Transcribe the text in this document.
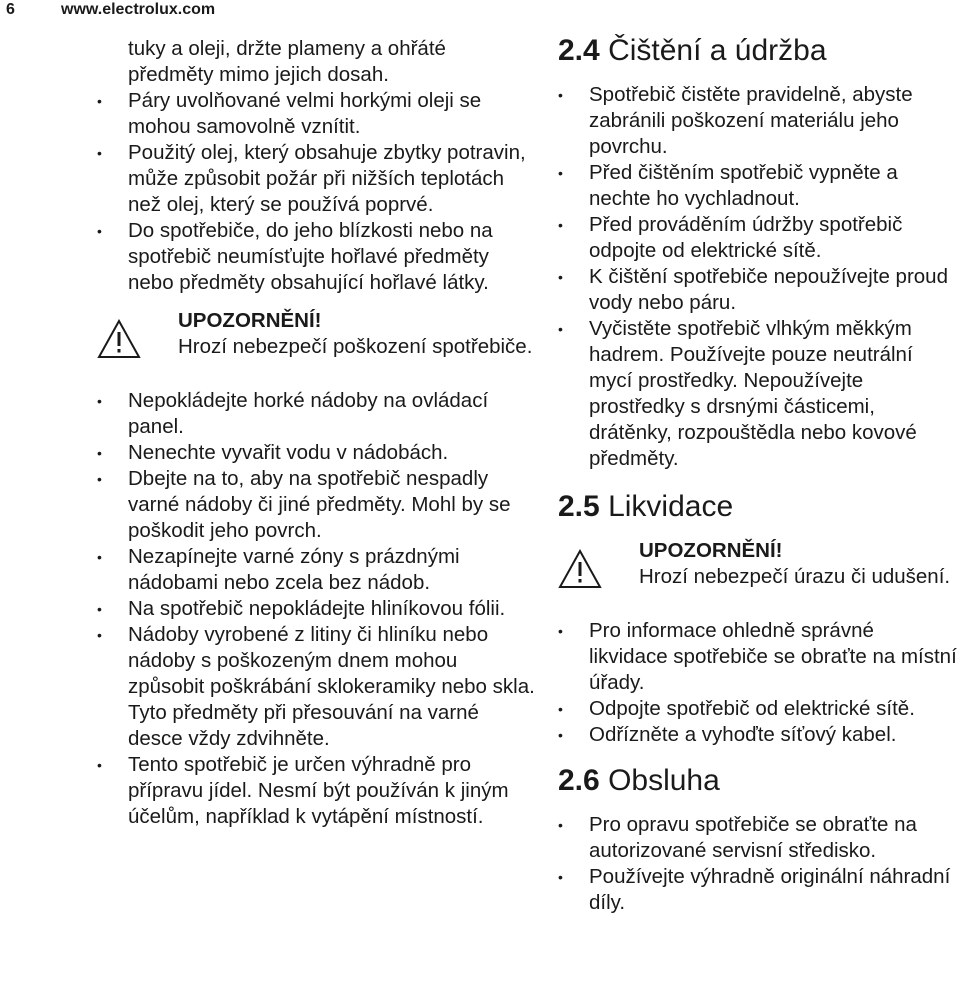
6	www.electrolux.com

tuky a oleji, držte plameny a ohřáté předměty mimo jejich dosah.

• Páry uvolňované velmi horkými oleji se mohou samovolně vznítit.
• Použitý olej, který obsahuje zbytky potravin, může způsobit požár při nižších teplotách než olej, který se používá poprvé.
• Do spotřebiče, do jeho blízkosti nebo na spotřebič neumísťujte hořlavé předměty nebo předměty obsahující hořlavé látky.
UPOZORNĚNÍ!
Hrozí nebezpečí poškození spotřebiče.
• Nepokládejte horké nádoby na ovládací panel.
• Nenechte vyvařit vodu v nádobách.
• Dbejte na to, aby na spotřebič nespadly varné nádoby či jiné předměty. Mohl by se poškodit jeho povrch.
• Nezapínejte varné zóny s prázdnými nádobami nebo zcela bez nádob.
• Na spotřebič nepokládejte hliníkovou fólii.
• Nádoby vyrobené z litiny či hliníku nebo nádoby s poškozeným dnem mohou způsobit poškrábání sklokeramiky nebo skla. Tyto předměty při přesouvání na varné desce vždy zdvihněte.
• Tento spotřebič je určen výhradně pro přípravu jídel. Nesmí být používán k jiným účelům, například k vytápění místností.
2.4 Čištění a údržba
• Spotřebič čistěte pravidelně, abyste zabránili poškození materiálu jeho povrchu.
• Před čištěním spotřebič vypněte a nechte ho vychladnout.
• Před prováděním údržby spotřebič odpojte od elektrické sítě.
• K čištění spotřebiče nepoužívejte proud vody nebo páru.
• Vyčistěte spotřebič vlhkým měkkým hadrem. Používejte pouze neutrální mycí prostředky. Nepoužívejte prostředky s drsnými částicemi, drátěnky, rozpouštědla nebo kovové předměty.
2.5 Likvidace
UPOZORNĚNÍ!
Hrozí nebezpečí úrazu či udušení.
• Pro informace ohledně správné likvidace spotřebiče se obraťte na místní úřady.
• Odpojte spotřebič od elektrické sítě.
• Odřízněte a vyhoďte síťový kabel.
2.6 Obsluha
• Pro opravu spotřebiče se obraťte na autorizované servisní středisko.
• Používejte výhradně originální náhradní díly.
